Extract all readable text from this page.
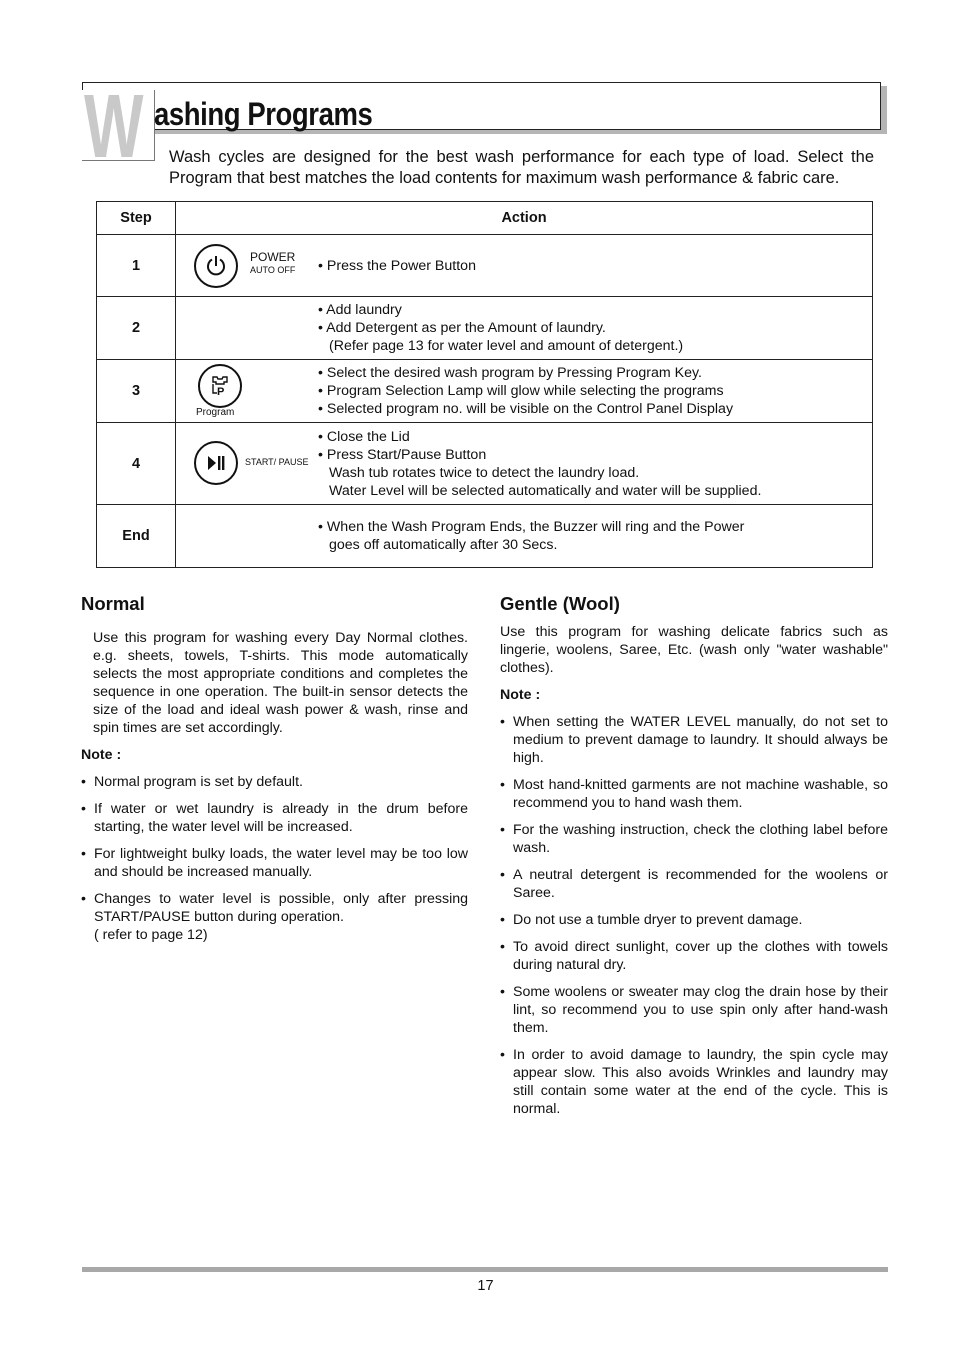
W ashing Programs
Wash cycles are designed for the best wash performance for each type of load. Select the Program that best matches the load contents for maximum wash performance & fabric care.
Step	Action
1	POWER
AUTO OFF • Press the Power Button

2	• Add laundry
• Add Detergent as per the Amount of laundry.
(Refer page 13 for water level and amount of detergent.)

3	P
Program
• Select the desired wash program by Pressing Program Key.
• Program Selection Lamp will glow while selecting the programs
• Selected program no. will be visible on the Control Panel Display

4	START/ PAUSE
• Close the Lid
• Press Start/Pause Button
Wash tub rotates twice to detect the laundry load.
Water Level will be selected automatically and water will be supplied.

End	• When the Wash Program Ends, the Buzzer will ring and the Power
goes off automatically after 30 Secs.
Normal

Use this program for washing every Day Normal clothes. e.g. sheets, towels, T-shirts. This mode automatically selects the most appropriate conditions and completes the sequence in one operation. The built-in sensor detects the size of the load and ideal wash power & wash, rinse and spin times are set accordingly.

Note :
• Normal program is set by default.
• If water or wet laundry is already in the drum before starting, the water level will be increased.
• For lightweight bulky loads, the water level may be too low and should be increased manually.
• Changes to water level is possible, only after pressing START/PAUSE button during operation.
( refer to page 12)
Gentle (Wool)

Use this program for washing delicate fabrics such as lingerie, woolens, Saree, Etc. (wash only "water washable" clothes).

Note :
• When setting the WATER LEVEL manually, do not set to medium to prevent damage to laundry. It should always be high.
• Most hand-knitted garments are not machine washable, so recommend you to hand wash them.
• For the washing instruction, check the clothing label before wash.
• A neutral detergent is recommended for the woolens or Saree.
• Do not use a tumble dryer to prevent damage.
• To avoid direct sunlight, cover up the clothes with towels during natural dry.
• Some woolens or sweater may clog the drain hose by their lint, so recommend you to use spin only after hand-wash them.
• In order to avoid damage to laundry, the spin cycle may appear slow. This also avoids Wrinkles and laundry may still contain some water at the end of the cycle. This is normal.
17
